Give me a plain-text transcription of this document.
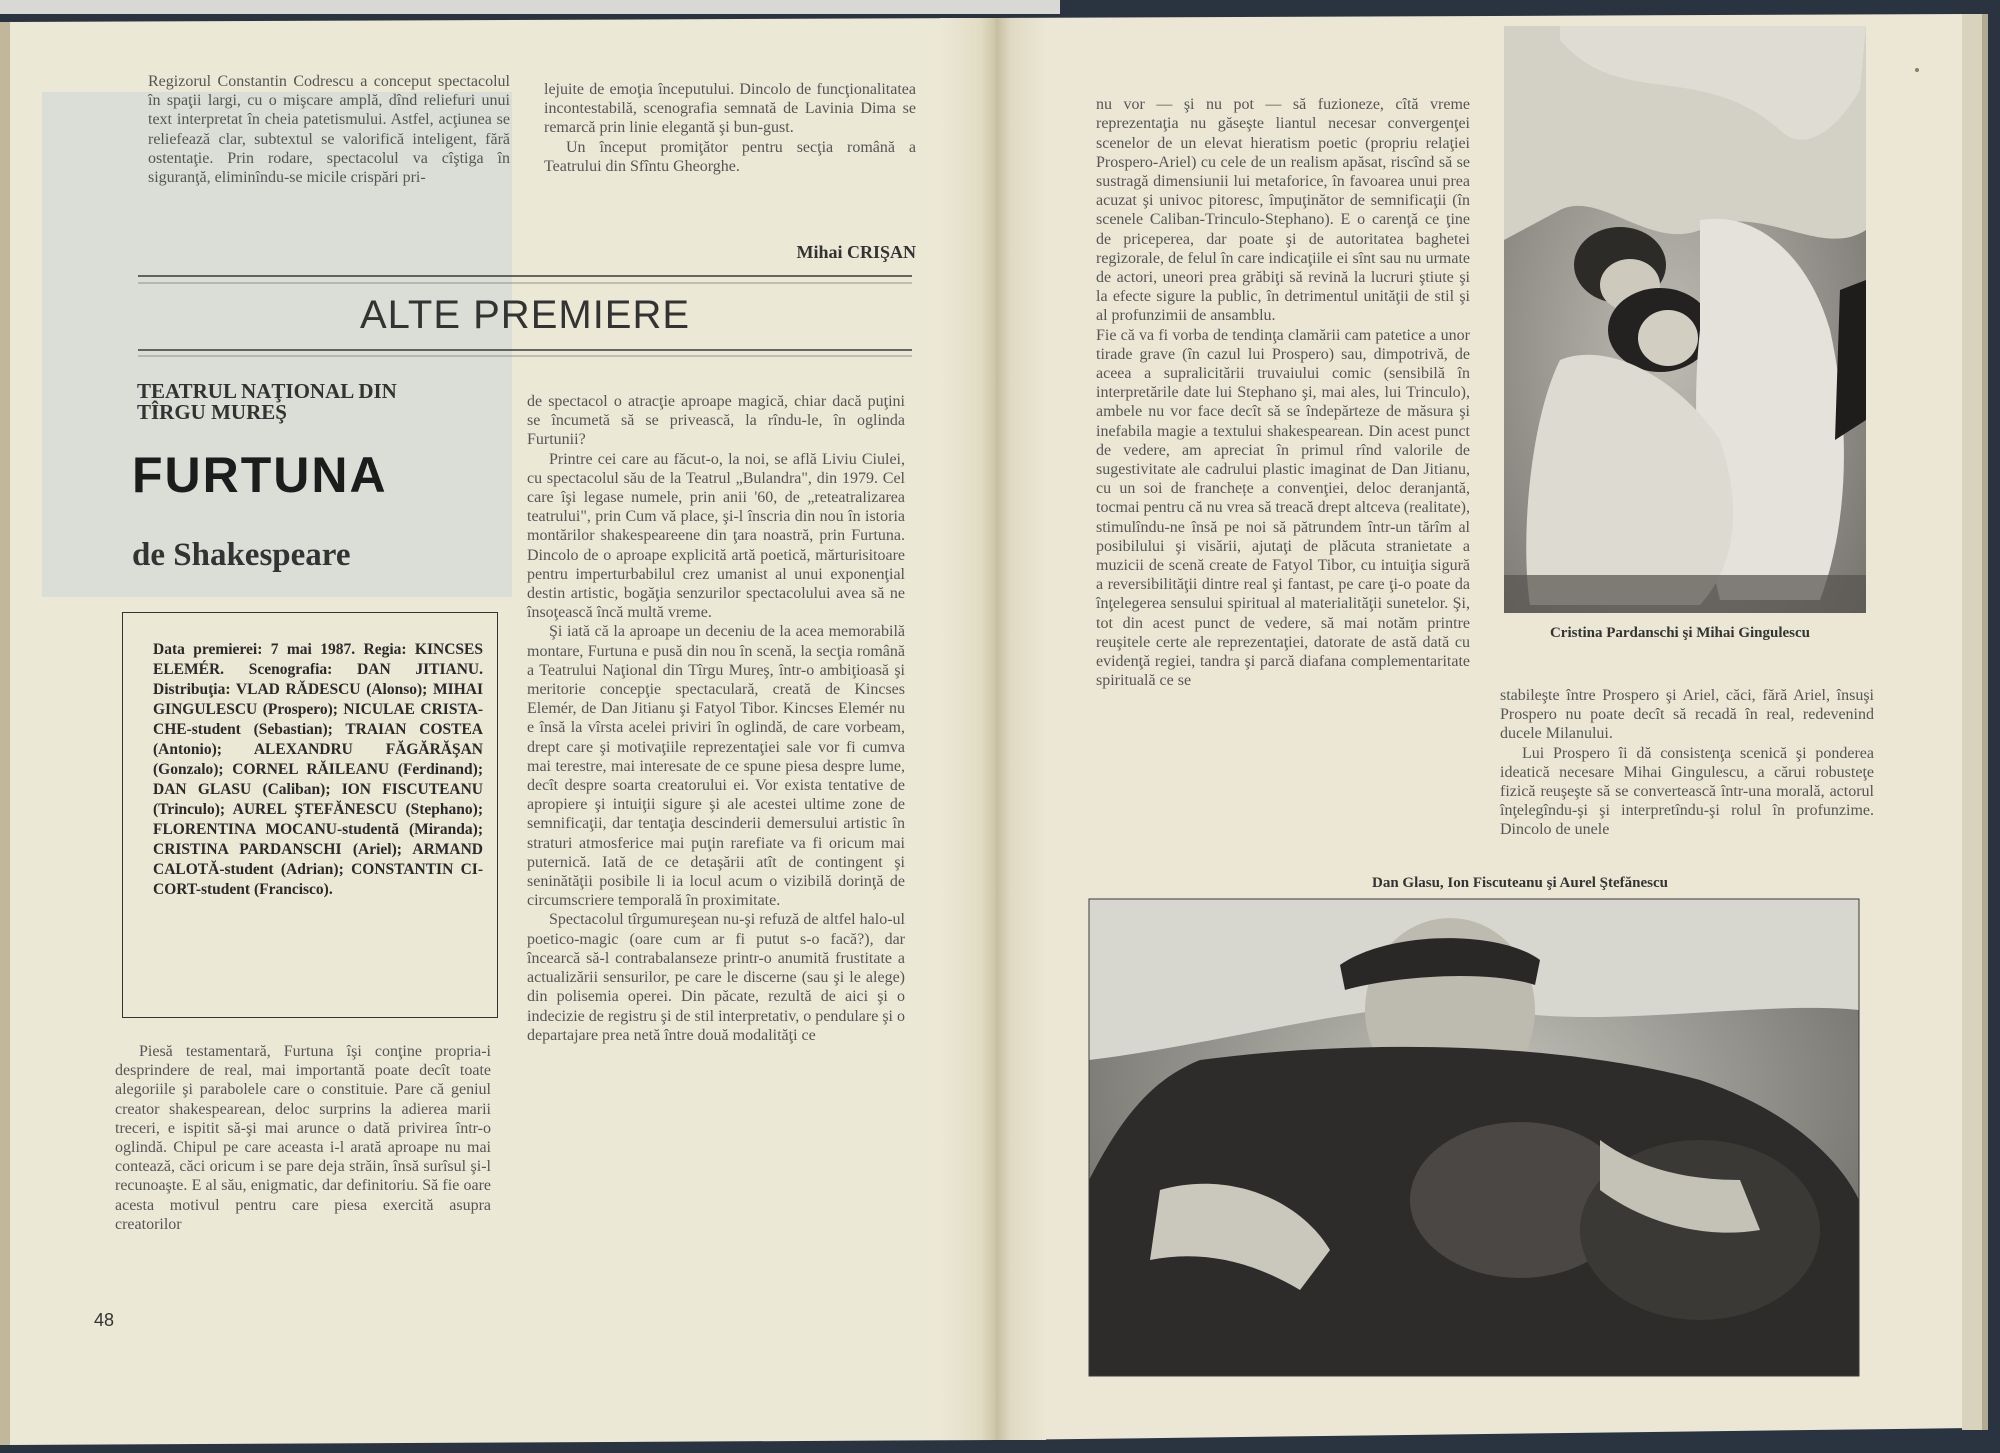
Regizorul Constantin Codrescu a conceput spectacolul în spaţii largi, cu o mişcare amplă, dînd reliefuri unui text interpretat în cheia patetismului. Astfel, acţiunea se reliefează clar, subtextul se valorifică inteligent, fără ostentaţie. Prin rodare, spectacolul va cîştiga în siguranţă, eliminîndu-se micile crispări pri-

lejuite de emoţia începutului. Dincolo de funcţionalitatea incontestabilă, scenografia semnată de Lavinia Dima se remarcă prin linie elegantă şi bun-gust.

Un început promiţător pentru secţia română a Teatrului din Sfîntu Gheorghe.

Mihai CRIŞAN
ALTE PREMIERE
TEATRUL NAŢIONAL DIN TÎRGU MUREŞ
FURTUNA
de Shakespeare
Data premierei: 7 mai 1987. Regia: KINCSES ELEMÉR. Scenografia: DAN JITIANU. Distribuţia: VLAD RĂDESCU (Alonso); MIHAI GINGULESCU (Prospero); NICULAE CRISTACHE-student (Sebastian); TRAIAN COSTEA (Antonio); ALEXANDRU FĂGĂRĂŞAN (Gonzalo); CORNEL RĂILEANU (Ferdinand); DAN GLASU (Caliban); ION FISCUTEANU (Trinculo); AUREL ŞTEFĂNESCU (Stephano); FLORENTINA MOCANU-studentă (Miranda); CRISTINA PARDANSCHI (Ariel); ARMAND CALOTĂ-student (Adrian); CONSTANTIN CICORT-student (Francisco).

Piesă testamentară, Furtuna îşi conţine propria-i desprindere de real, mai importantă poate decît toate alegoriile şi parabolele care o constituie. Pare că geniul creator shakespearean, deloc surprins la adierea marii treceri, e ispitit să-şi mai arunce o dată privirea într-o oglindă. Chipul pe care aceasta i-l arată aproape nu mai contează, căci oricum i se pare deja străin, însă surîsul şi-l recunoaşte. E al său, enigmatic, dar definitoriu. Să fie oare acesta motivul pentru care piesa exercită asupra creatorilor

de spectacol o atracţie aproape magică, chiar dacă puţini se încumetă să se privească, la rîndu-le, în oglinda Furtunii?

Printre cei care au făcut-o, la noi, se află Liviu Ciulei, cu spectacolul său de la Teatrul „Bulandra", din 1979. Cel care îşi legase numele, prin anii '60, de „reteatralizarea teatrului", prin Cum vă place, şi-l înscria din nou în istoria montărilor shakespeareene din ţara noastră, prin Furtuna. Dincolo de o aproape explicită artă poetică, mărturisitoare pentru imperturbabilul crez umanist al unui exponenţial destin artistic, bogăţia senzurilor spectacolului avea să ne însoţească încă multă vreme.

Şi iată că la aproape un deceniu de la acea memorabilă montare, Furtuna e pusă din nou în scenă, la secţia română a Teatrului Naţional din Tîrgu Mureş, într-o ambiţioasă şi meritorie concepţie spectaculară, creată de Kincses Elemér, de Dan Jitianu şi Fatyol Tibor. Kincses Elemér nu e însă la vîrsta acelei priviri în oglindă, de care vorbeam, drept care şi motivaţiile reprezentaţiei sale vor fi cumva mai terestre, mai interesate de ce spune piesa despre lume, decît despre soarta creatorului ei. Vor exista tentative de apropiere şi intuiţii sigure şi ale acestei ultime zone de semnificaţii, dar tentaţia descinderii demersului artistic în straturi atmosferice mai puţin rarefiate va fi oricum mai puternică. Iată de ce detaşării atît de contingent şi seninătăţii posibile li ia locul acum o vizibilă dorinţă de circumscriere temporală în proximitate.

Spectacolul tîrgumureşean nu-şi refuză de altfel halo-ul poetico-magic (oare cum ar fi putut s-o facă?), dar încearcă să-l contrabalanseze printr-o anumită frustitate a actualizării sensurilor, pe care le discerne (sau şi le alege) din polisemia operei. Din păcate, rezultă de aici şi o indecizie de registru şi de stil interpretativ, o pendulare şi o departajare prea netă între două modalităţi ce

48

nu vor — şi nu pot — să fuzioneze, cîtă vreme reprezentaţia nu găseşte liantul necesar convergenţei scenelor de un elevat hieratism poetic (propriu relaţiei Prospero-Ariel) cu cele de un realism apăsat, riscînd să se sustragă dimensiunii lui metaforice, în favoarea unui prea acuzat şi univoc pitoresc, împuţinător de semnificaţii (în scenele Caliban-Trinculo-Stephano). E o carenţă ce ţine de priceperea, dar poate şi de autoritatea baghetei regizorale, de felul în care indicaţiile ei sînt sau nu urmate de actori, uneori prea grăbiţi să revină la lucruri ştiute şi la efecte sigure la public, în detrimentul unităţii de stil şi al profunzimii de ansamblu.
Fie că va fi vorba de tendinţa clamării cam patetice a unor tirade grave (în cazul lui Prospero) sau, dimpotrivă, de aceea a supralicitării truvaiului comic (sensibilă în interpretările date lui Stephano şi, mai ales, lui Trinculo), ambele nu vor face decît să se îndepărteze de măsura şi inefabila magie a textului shakespearean. Din acest punct de vedere, am apreciat în primul rînd valorile de sugestivitate ale cadrului plastic imaginat de Dan Jitianu, cu un soi de franchețe a convenţiei, deloc deranjantă, tocmai pentru că nu vrea să treacă drept altceva (realitate), stimulîndu-ne însă pe noi să pătrundem într-un tărîm al posibilului şi visării, ajutaţi de plăcuta stranietate a muzicii de scenă create de Fatyol Tibor, cu intuiţia sigură a reversibilităţii dintre real şi fantast, pe care ţi-o poate da înţelegerea sensului spiritual al materialităţii sunetelor. Şi, tot din acest punct de vedere, să mai notăm printre reuşitele certe ale reprezentaţiei, datorate de astă dată cu evidenţă regiei, tandra şi parcă diafana complementaritate spirituală ce se

Cristina Pardanschi şi Mihai Gingulescu

stabileşte între Prospero şi Ariel, căci, fără Ariel, însuşi Prospero nu poate decît să recadă în real, redevenind ducele Milanului.

Lui Prospero îi dă consistenţa scenică şi ponderea ideatică necesare Mihai Gingulescu, a cărui robusteţe fizică reuşeşte să se convertească într-una morală, actorul înţelegîndu-şi şi interpretîndu-şi rolul în profunzime. Dincolo de unele

Dan Glasu, Ion Fiscuteanu şi Aurel Ştefănescu
